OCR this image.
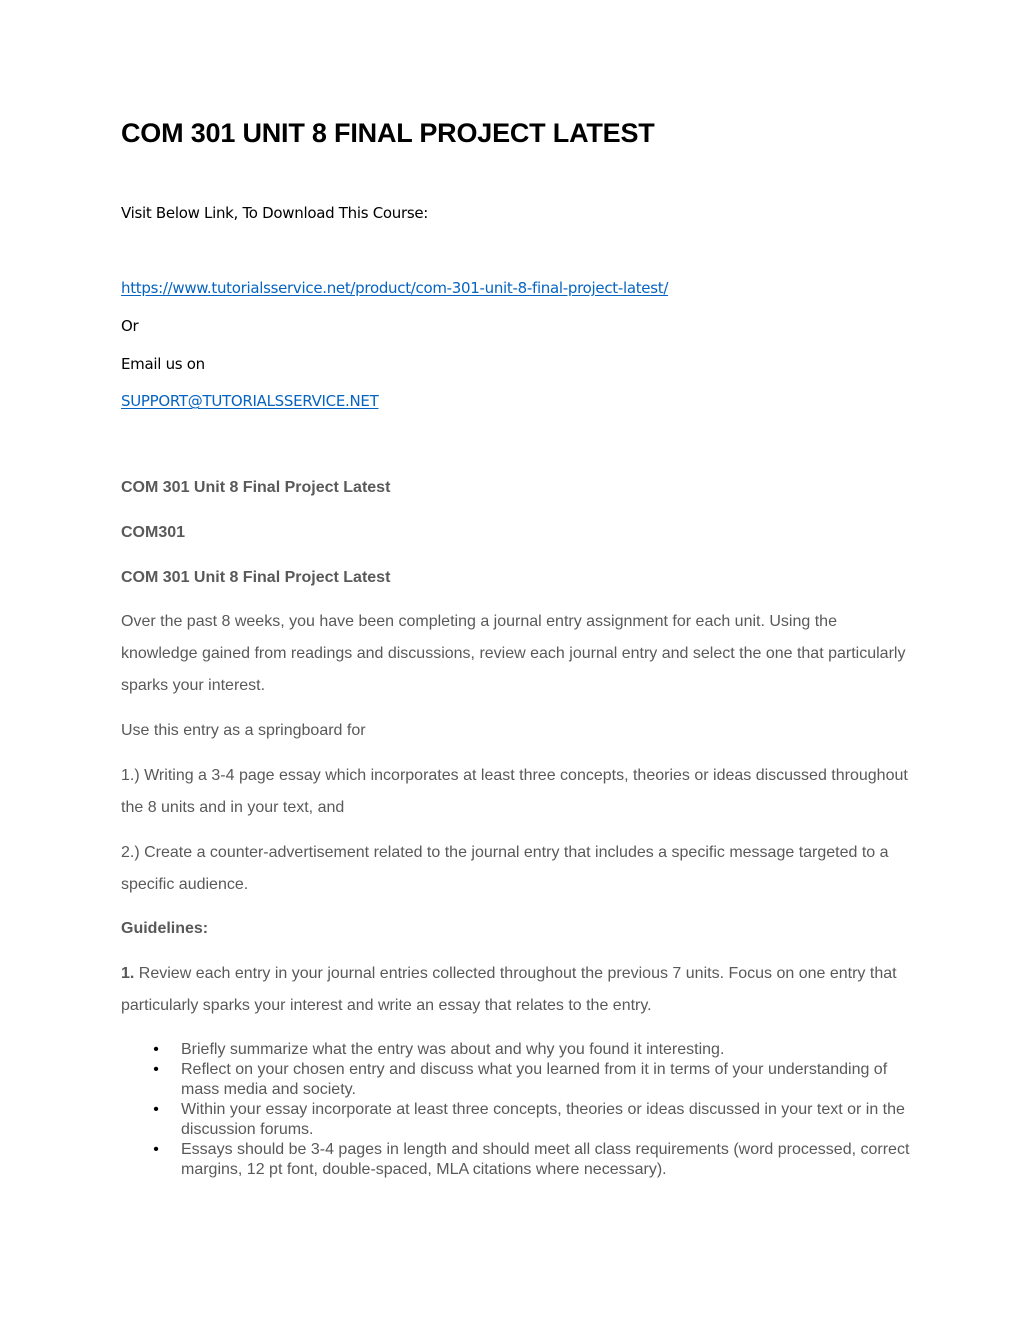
COM 301 UNIT 8 FINAL PROJECT LATEST

Visit Below Link, To Download This Course:

https://www.tutorialsservice.net/product/com-301-unit-8-final-project-latest/

Or

Email us on

SUPPORT@TUTORIALSSERVICE.NET

COM 301 Unit 8 Final Project Latest

COM301

COM 301 Unit 8 Final Project Latest

Over the past 8 weeks, you have been completing a journal entry assignment for each unit. Using the knowledge gained from readings and discussions, review each journal entry and select the one that particularly sparks your interest.

Use this entry as a springboard for

1.) Writing a 3-4 page essay which incorporates at least three concepts, theories or ideas discussed throughout the 8 units and in your text, and

2.) Create a counter-advertisement related to the journal entry that includes a specific message targeted to a specific audience.

Guidelines:

1. Review each entry in your journal entries collected throughout the previous 7 units. Focus on one entry that particularly sparks your interest and write an essay that relates to the entry.

• Briefly summarize what the entry was about and why you found it interesting.
• Reflect on your chosen entry and discuss what you learned from it in terms of your understanding of mass media and society.
• Within your essay incorporate at least three concepts, theories or ideas discussed in your text or in the discussion forums.
• Essays should be 3-4 pages in length and should meet all class requirements (word processed, correct margins, 12 pt font, double-spaced, MLA citations where necessary).
